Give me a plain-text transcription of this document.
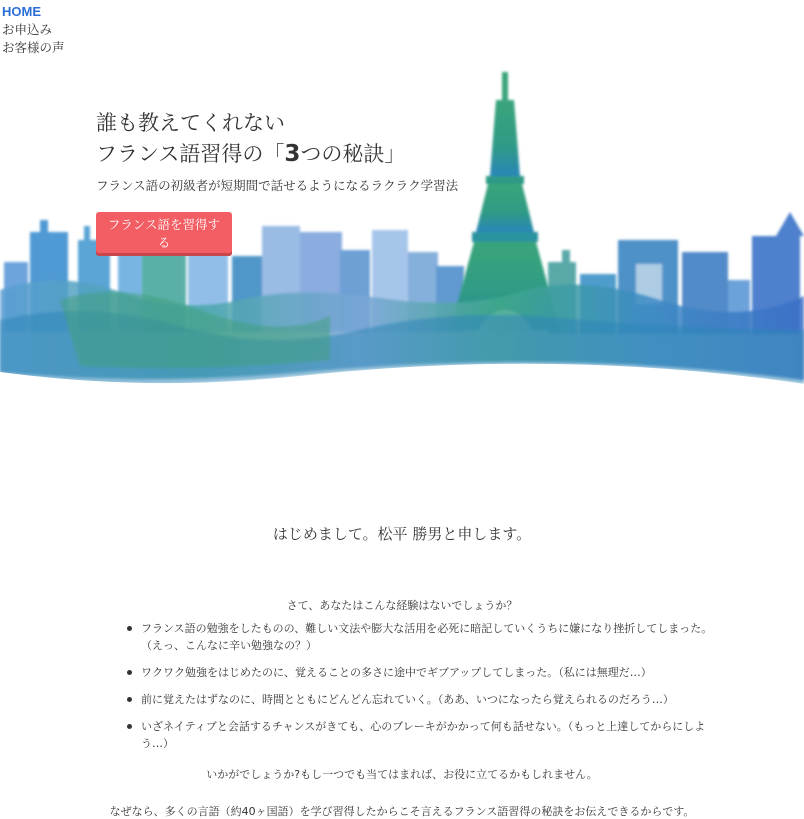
HOME
お申込み
お客様の声
誰も教えてくれない
フランス語習得の「3つの秘訣」

フランス語の初級者が短期間で話せるようになるラクラク学習法

フランス語を習得する
はじめまして。松平 勝男と申します。

さて、あなたはこんな経験はないでしょうか？

フランス語の勉強をしたものの、難しい文法や膨大な活用を必死に暗記していくうちに嫌になり挫折してしまった。
（えっ、こんなに辛い勉強なの？）
ワクワク勉強をはじめたのに、覚えることの多さに途中でギブアップしてしまった。（私には無理だ…）
前に覚えたはずなのに、時間とともにどんどん忘れていく。（ああ、いつになったら覚えられるのだろう…）
いざネイティブと会話するチャンスがきても、心のブレーキがかかって何も話せない。（もっと上達してからにしよう…）

いかがでしょうか?もし一つでも当てはまれば、お役に立てるかもしれません。

なぜなら、多くの言語（約40ヶ国語）を学び習得したからこそ言えるフランス語習得の秘訣をお伝えできるからです。
